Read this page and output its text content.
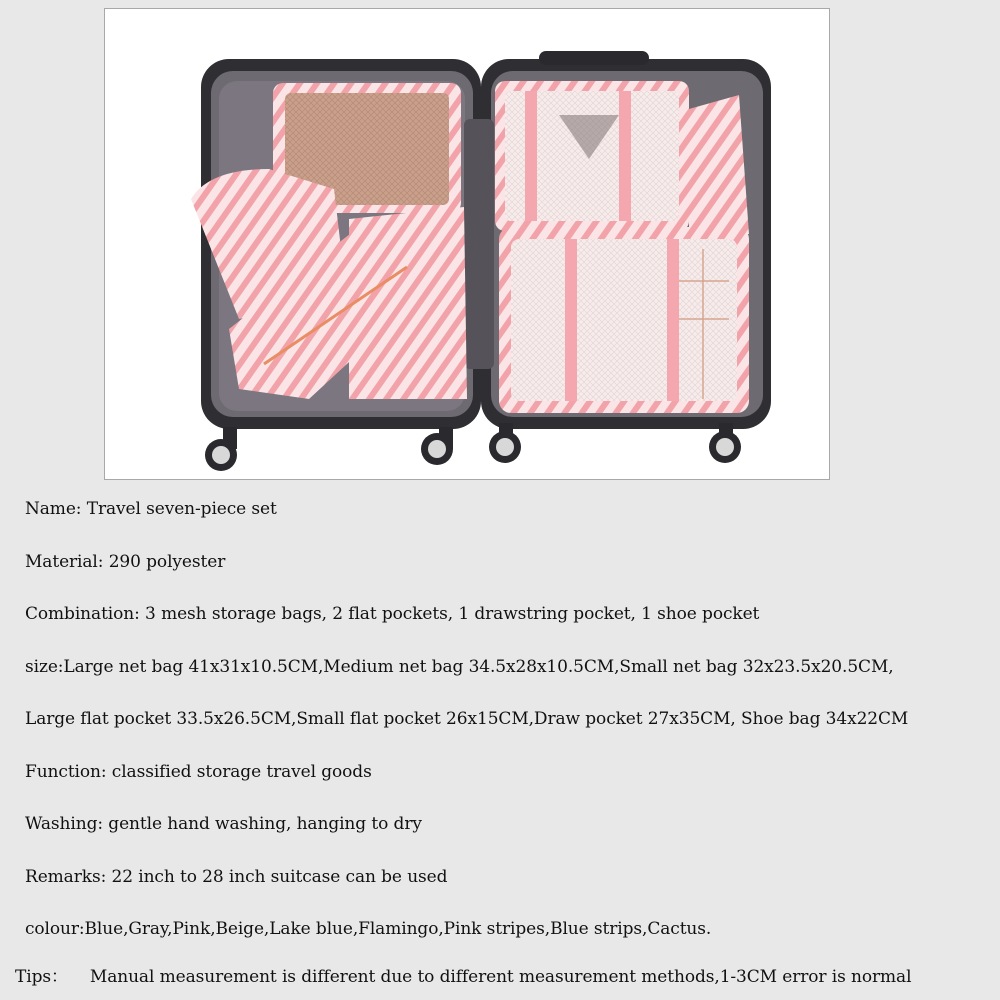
Name: Travel seven-piece set
Material: 290 polyester
Combination: 3 mesh storage bags, 2 flat pockets, 1 drawstring pocket, 1 shoe pocket
size:Large net bag 41x31x10.5CM,Medium net bag 34.5x28x10.5CM,Small net bag 32x23.5x20.5CM,
Large flat pocket 33.5x26.5CM,Small flat pocket 26x15CM,Draw pocket 27x35CM, Shoe bag 34x22CM
Function: classified storage travel goods
Washing: gentle hand washing, hanging to dry
Remarks: 22 inch to 28 inch suitcase can be used
colour:Blue,Gray,Pink,Beige,Lake blue,Flamingo,Pink stripes,Blue strips,Cactus.
Tips： Manual measurement is different due to different measurement methods,1-3CM error is normal
